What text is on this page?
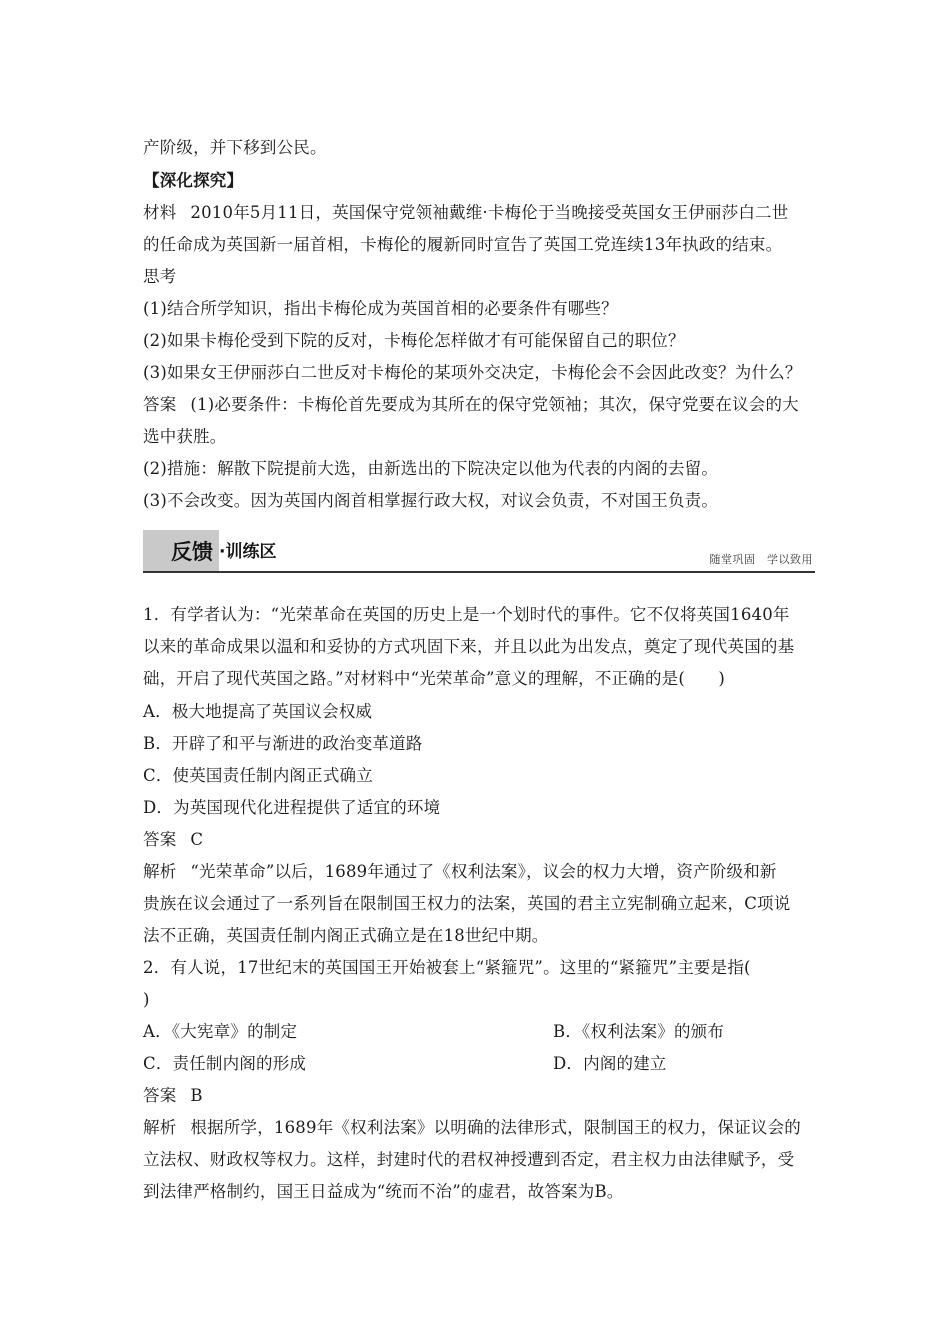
产阶级，并下移到公民。
【深化探究】
材料 2010年5月11日，英国保守党领袖戴维·卡梅伦于当晚接受英国女王伊丽莎白二世
的任命成为英国新一届首相，卡梅伦的履新同时宣告了英国工党连续13年执政的结束。
思考
(1)结合所学知识，指出卡梅伦成为英国首相的必要条件有哪些？
(2)如果卡梅伦受到下院的反对，卡梅伦怎样做才有可能保留自己的职位？
(3)如果女王伊丽莎白二世反对卡梅伦的某项外交决定，卡梅伦会不会因此改变？为什么？
答案 (1)必要条件：卡梅伦首先要成为其所在的保守党领袖；其次，保守党要在议会的大
选中获胜。
(2)措施：解散下院提前大选，由新选出的下院决定以他为代表的内阁的去留。
(3)不会改变。因为英国内阁首相掌握行政大权，对议会负责，不对国王负责。
反馈 ·训练区	随堂巩固　学以致用
1．有学者认为：“光荣革命在英国的历史上是一个划时代的事件。它不仅将英国1640年
以来的革命成果以温和和妥协的方式巩固下来，并且以此为出发点，奠定了现代英国的基
础，开启了现代英国之路。”对材料中“光荣革命”意义的理解，不正确的是(　　)
A．极大地提高了英国议会权威
B．开辟了和平与渐进的政治变革道路
C．使英国责任制内阁正式确立
D．为英国现代化进程提供了适宜的环境
答案 C
解析 “光荣革命”以后，1689年通过了《权利法案》，议会的权力大增，资产阶级和新
贵族在议会通过了一系列旨在限制国王权力的法案，英国的君主立宪制确立起来，C项说
法不正确，英国责任制内阁正式确立是在18世纪中期。
2．有人说，17世纪末的英国国王开始被套上“紧箍咒”。这里的“紧箍咒”主要是指(
)
A．《大宪章》的制定	B．《权利法案》的颁布
C．责任制内阁的形成	D．内阁的建立
答案 B
解析 根据所学，1689年《权利法案》以明确的法律形式，限制国王的权力，保证议会的
立法权、财政权等权力。这样，封建时代的君权神授遭到否定，君主权力由法律赋予，受
到法律严格制约，国王日益成为“统而不治”的虚君，故答案为B。
